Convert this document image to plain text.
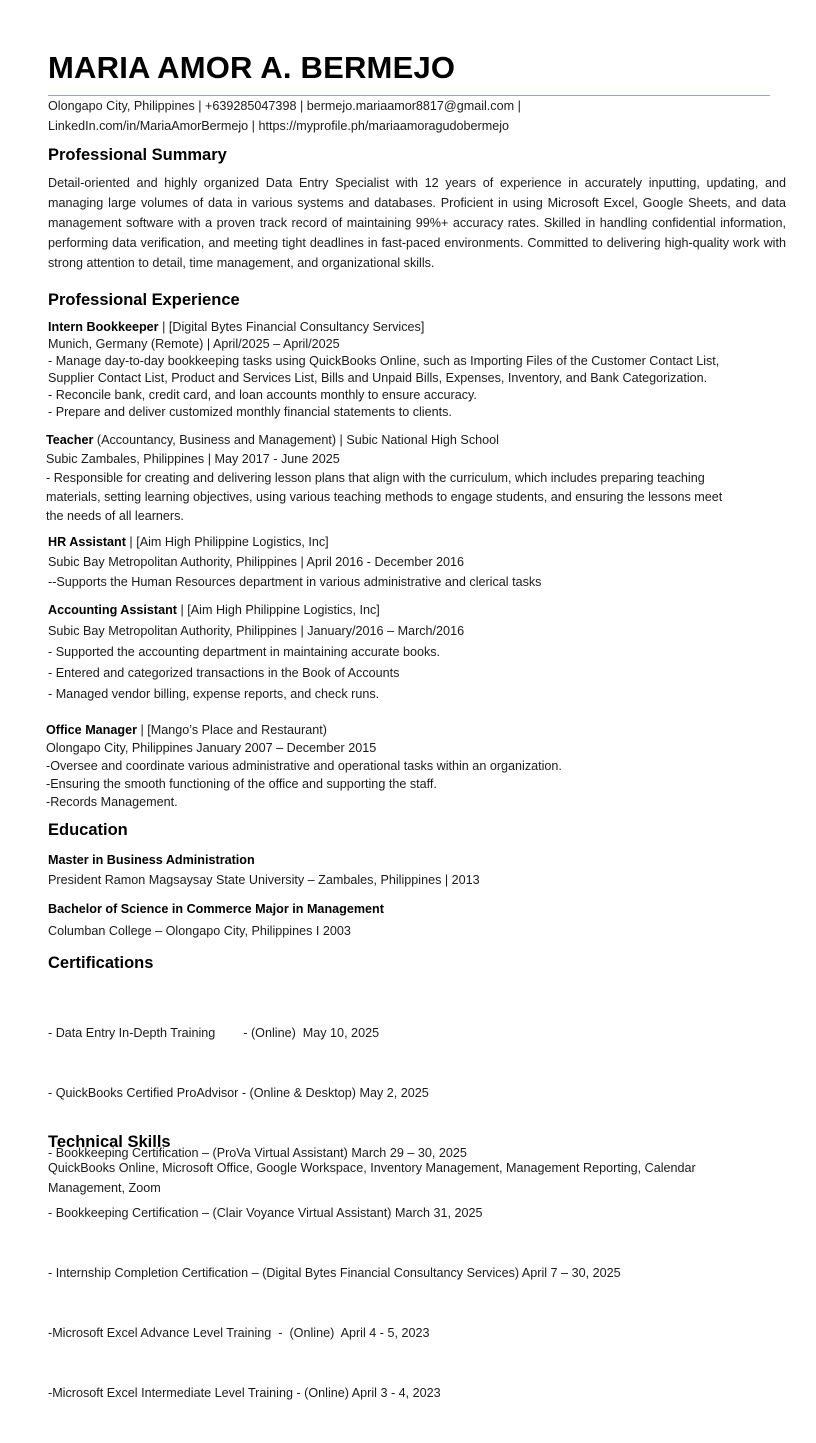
MARIA AMOR A. BERMEJO
Olongapo City, Philippines | +639285047398 | bermejo.mariaamor8817@gmail.com |
LinkedIn.com/in/MariaAmorBermejo | https://myprofile.ph/mariaamoragudobermejo
Professional Summary

Detail-oriented and highly organized Data Entry Specialist with 12 years of experience in accurately inputting, updating, and managing large volumes of data in various systems and databases. Proficient in using Microsoft Excel, Google Sheets, and data management software with a proven track record of maintaining 99%+ accuracy rates. Skilled in handling confidential information, performing data verification, and meeting tight deadlines in fast-paced environments. Committed to delivering high-quality work with strong attention to detail, time management, and organizational skills.

Professional Experience
Intern Bookkeeper | [Digital Bytes Financial Consultancy Services]
Munich, Germany (Remote) | April/2025 – April/2025
- Manage day-to-day bookkeeping tasks using QuickBooks Online, such as Importing Files of the Customer Contact List,
Supplier Contact List, Product and Services List, Bills and Unpaid Bills, Expenses, Inventory, and Bank Categorization.
- Reconcile bank, credit card, and loan accounts monthly to ensure accuracy.
- Prepare and deliver customized monthly financial statements to clients.
Teacher (Accountancy, Business and Management) | Subic National High School
Subic Zambales, Philippines | May 2017 - June 2025
- Responsible for creating and delivering lesson plans that align with the curriculum, which includes preparing teaching
materials, setting learning objectives, using various teaching methods to engage students, and ensuring the lessons meet
the needs of all learners.
HR Assistant | [Aim High Philippine Logistics, Inc]
Subic Bay Metropolitan Authority, Philippines | April 2016 - December 2016
--Supports the Human Resources department in various administrative and clerical tasks
Accounting Assistant | [Aim High Philippine Logistics, Inc]
Subic Bay Metropolitan Authority, Philippines | January/2016 – March/2016
- Supported the accounting department in maintaining accurate books.
- Entered and categorized transactions in the Book of Accounts
- Managed vendor billing, expense reports, and check runs.
Office Manager | [Mango’s Place and Restaurant)
Olongapo City, Philippines January 2007 – December 2015
-Oversee and coordinate various administrative and operational tasks within an organization.
-Ensuring the smooth functioning of the office and supporting the staff.
-Records Management.
Education
Master in Business Administration
President Ramon Magsaysay State University – Zambales, Philippines | 2013
Bachelor of Science in Commerce Major in Management
Columban College – Olongapo City, Philippines I 2003
Certifications

- Data Entry In-Depth Training        - (Online)  May 10, 2025

- QuickBooks Certified ProAdvisor - (Online & Desktop) May 2, 2025

- Bookkeeping Certification – (ProVa Virtual Assistant) March 29 – 30, 2025

- Bookkeeping Certification – (Clair Voyance Virtual Assistant) March 31, 2025

- Internship Completion Certification – (Digital Bytes Financial Consultancy Services) April 7 – 30, 2025

-Microsoft Excel Advance Level Training  -  (Online)  April 4 - 5, 2023

-Microsoft Excel Intermediate Level Training - (Online) April 3 - 4, 2023

Technical Skills
QuickBooks Online, Microsoft Office, Google Workspace, Inventory Management, Management Reporting, Calendar
Management, Zoom
